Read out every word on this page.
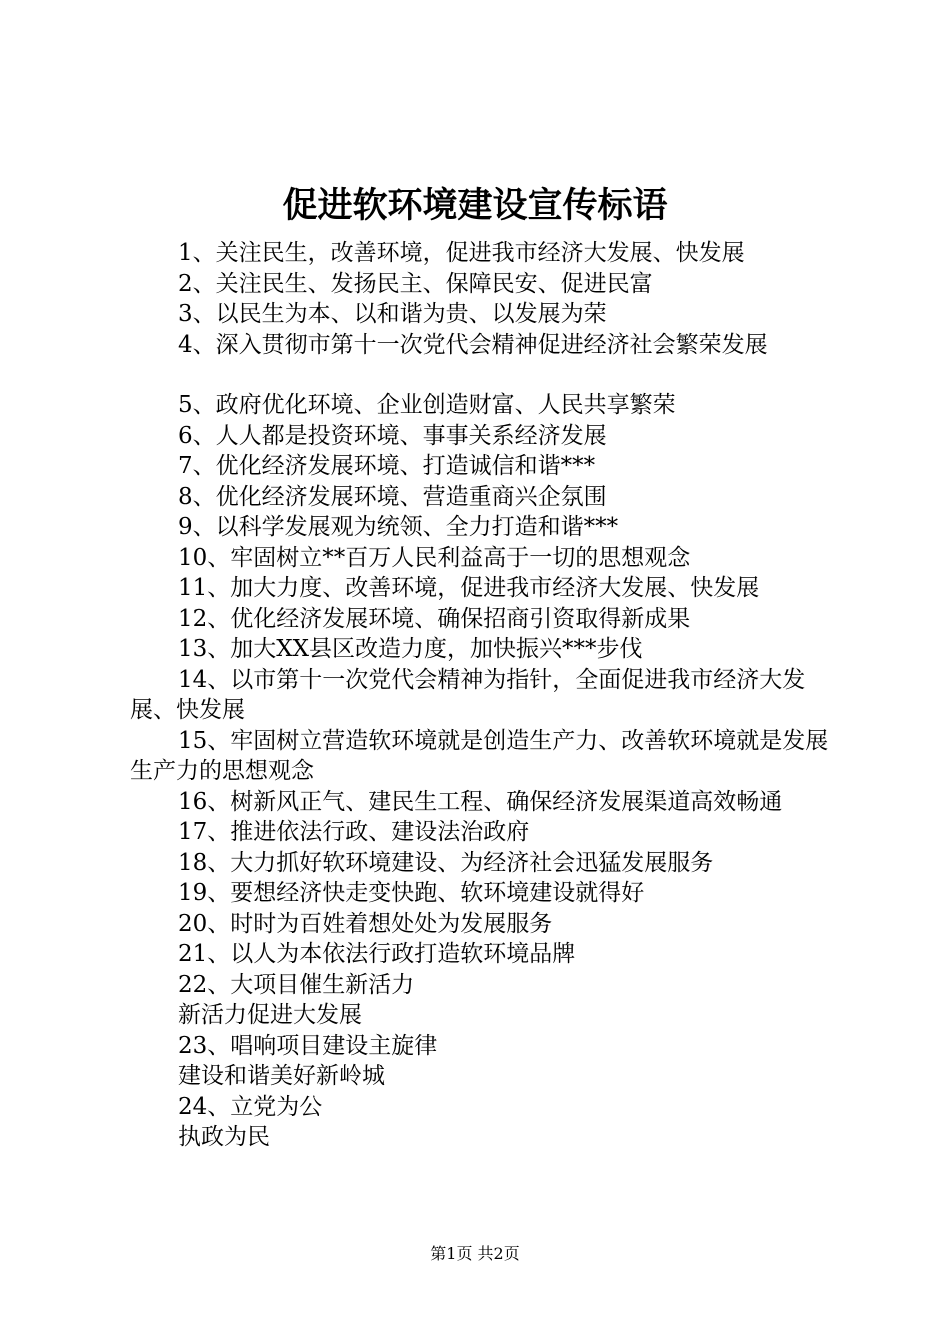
促进软环境建设宣传标语

1、关注民生，改善环境，促进我市经济大发展、快发展

2、关注民生、发扬民主、保障民安、促进民富

3、以民生为本、以和谐为贵、以发展为荣

4、深入贯彻市第十一次党代会精神促进经济社会繁荣发展

5、政府优化环境、企业创造财富、人民共享繁荣

6、人人都是投资环境、事事关系经济发展

7、优化经济发展环境、打造诚信和谐***

8、优化经济发展环境、营造重商兴企氛围

9、以科学发展观为统领、全力打造和谐***

10、牢固树立**百万人民利益高于一切的思想观念

11、加大力度、改善环境，促进我市经济大发展、快发展

12、优化经济发展环境、确保招商引资取得新成果

13、加大XX县区改造力度，加快振兴***步伐

14、以市第十一次党代会精神为指针，全面促进我市经济大发展、快发展

15、牢固树立营造软环境就是创造生产力、改善软环境就是发展生产力的思想观念

16、树新风正气、建民生工程、确保经济发展渠道高效畅通

17、推进依法行政、建设法治政府

18、大力抓好软环境建设、为经济社会迅猛发展服务

19、要想经济快走变快跑、软环境建设就得好

20、时时为百姓着想处处为发展服务

21、以人为本依法行政打造软环境品牌

22、大项目催生新活力

新活力促进大发展

23、唱响项目建设主旋律

建设和谐美好新岭城

24、立党为公

执政为民

第1页 共2页
